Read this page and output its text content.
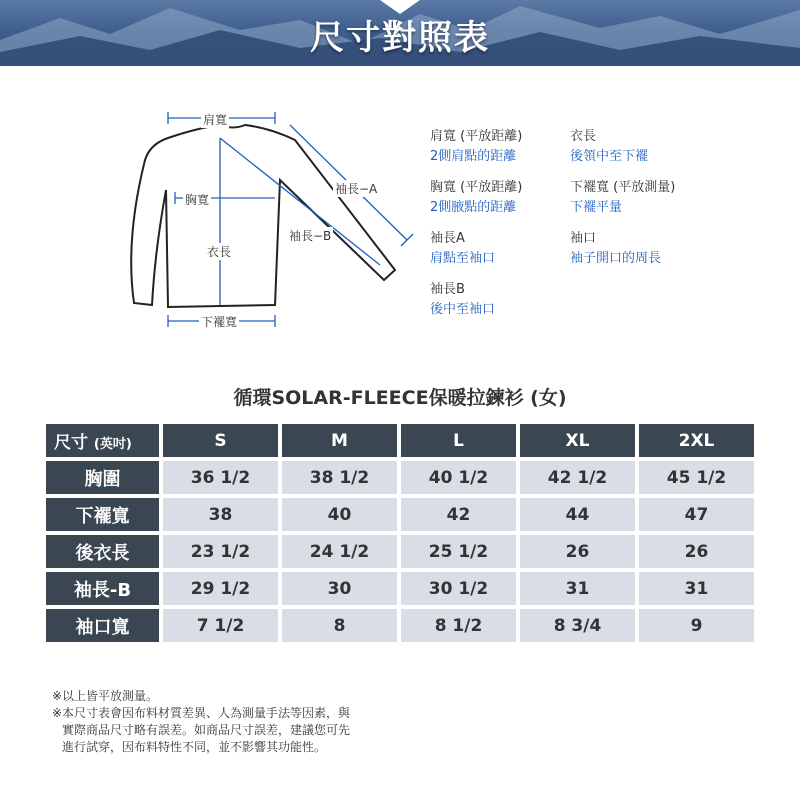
尺寸對照表
肩寬
胸寬
衣長
袖長−A
袖長−B
下襬寬
肩寬 (平放距離)
2側肩點的距離
衣長
後領中至下襬
胸寬 (平放距離)
2側腋點的距離
下襬寬 (平放測量)
下襬平量
袖長A
肩點至袖口
袖口
袖子開口的周長
袖長B
後中至袖口
循環SOLAR-FLEECE保暖拉鍊衫 (女)
尺寸 (英吋)	S	M	L	XL	2XL
胸圍	36 1/2	38 1/2	40 1/2	42 1/2	45 1/2
下襬寬	38	40	42	44	47
後衣長	23 1/2	24 1/2	25 1/2	26	26
袖長-B	29 1/2	30	30 1/2	31	31
袖口寬	7 1/2	8	8 1/2	8 3/4	9
※以上皆平放測量。
※本尺寸表會因布料材質差異、人為測量手法等因素，與
實際商品尺寸略有誤差。如商品尺寸誤差，建議您可先
進行試穿，因布料特性不同，並不影響其功能性。
